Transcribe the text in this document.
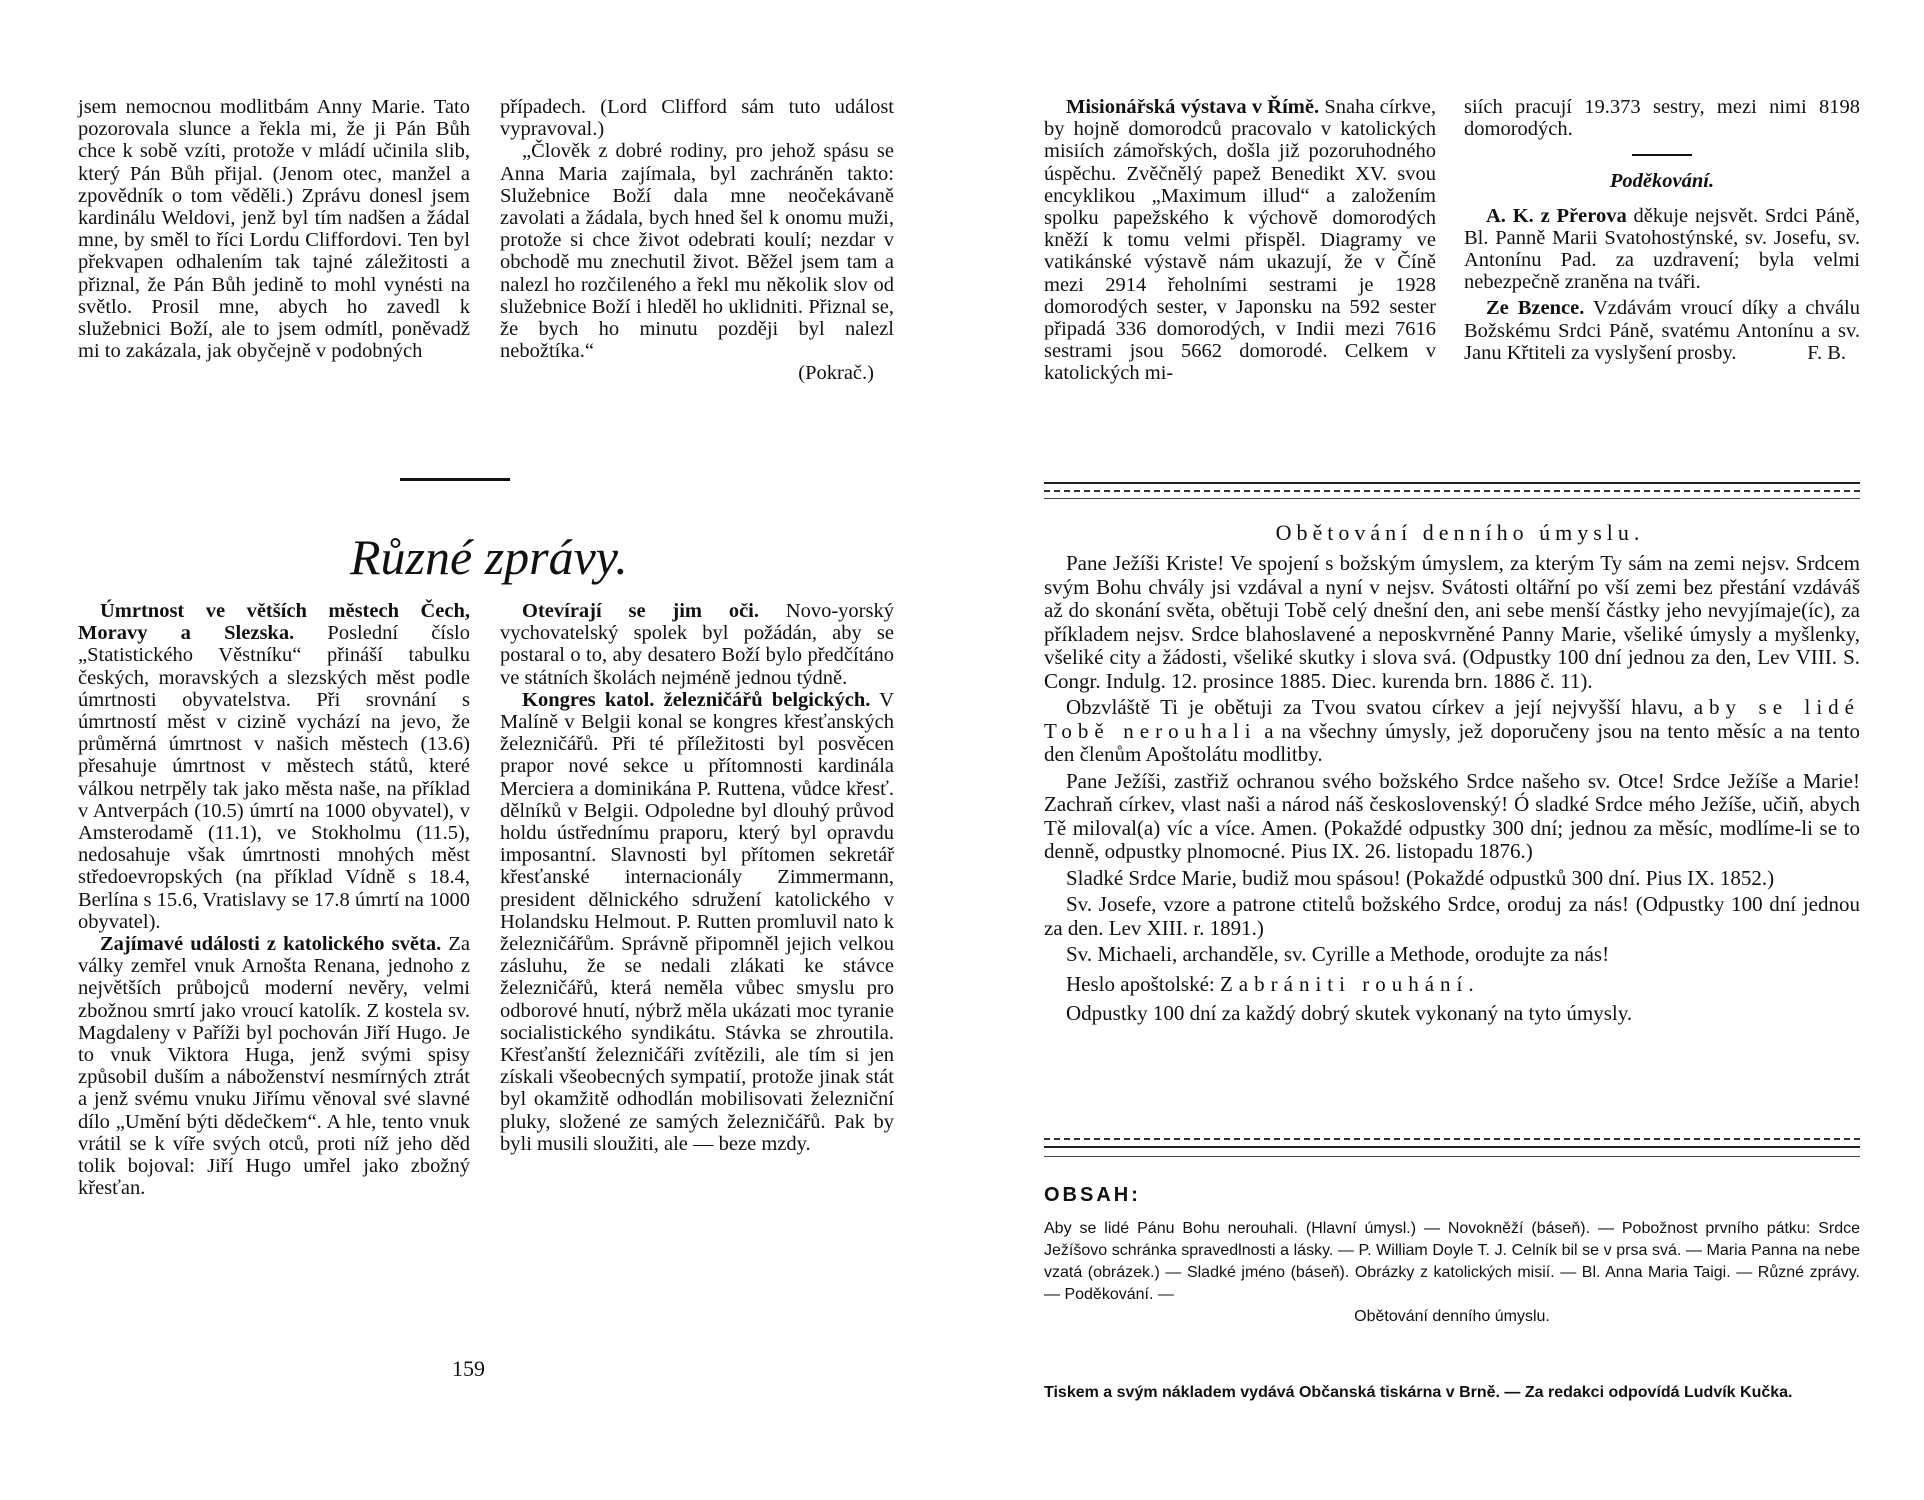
jsem nemocnou modlitbám Anny Marie. Tato pozorovala slunce a řekla mi, že ji Pán Bůh chce k sobě vzíti, protože v mládí učinila slib, který Pán Bůh přijal. (Jenom otec, manžel a zpovědník o tom věděli.) Zprávu donesl jsem kardinálu Weldovi, jenž byl tím nadšen a žádal mne, by směl to říci Lordu Cliffordovi. Ten byl překvapen odhalením tak tajné záležitosti a přiznal, že Pán Bůh jedině to mohl vynésti na světlo. Prosil mne, abych ho zavedl k služebnici Boží, ale to jsem odmítl, poněvadž mi to zakázala, jak obyčejně v podobných

případech. (Lord Clifford sám tuto událost vypravoval.)

„Člověk z dobré rodiny, pro jehož spásu se Anna Maria zajímala, byl zachráněn takto: Služebnice Boží dala mne neočekávaně zavolati a žádala, bych hned šel k onomu muži, protože si chce život odebrati koulí; nezdar v obchodě mu znechutil život. Běžel jsem tam a nalezl ho rozčileného a řekl mu několik slov od služebnice Boží i hleděl ho uklidniti. Přiznal se, že bych ho minutu později byl nalezl nebožtíka.“

(Pokrač.)

Různé zprávy.

Úmrtnost ve větších městech Čech, Moravy a Slezska. Poslední číslo „Statistického Věstníku“ přináší tabulku českých, moravských a slezských měst podle úmrtnosti obyvatelstva. Při srovnání s úmrtností měst v cizině vychází na jevo, že průměrná úmrtnost v našich městech (13.6) přesahuje úmrtnost v městech států, které válkou netrpěly tak jako města naše, na příklad v Antverpách (10.5) úmrtí na 1000 obyvatel), v Amsterodamě (11.1), ve Stokholmu (11.5), nedosahuje však úmrtnosti mnohých měst středoevropských (na příklad Vídně s 18.4, Berlína s 15.6, Vratislavy se 17.8 úmrtí na 1000 obyvatel).

Zajímavé události z katolického světa. Za války zemřel vnuk Arnošta Renana, jednoho z největších průbojců moderní nevěry, velmi zbožnou smrtí jako vroucí katolík. Z kostela sv. Magdaleny v Paříži byl pochován Jiří Hugo. Je to vnuk Viktora Huga, jenž svými spisy způsobil duším a náboženství nesmírných ztrát a jenž svému vnuku Jiřímu věnoval své slavné dílo „Umění býti dědečkem“. A hle, tento vnuk vrátil se k víře svých otců, proti níž jeho děd tolik bojoval: Jiří Hugo umřel jako zbožný křesťan.

Otevírají se jim oči. Novo-yorský vychovatelský spolek byl požádán, aby se postaral o to, aby desatero Boží bylo předčítáno ve státních školách nejméně jednou týdně.

Kongres katol. železničářů belgických. V Malíně v Belgii konal se kongres křesťanských železničářů. Při té příležitosti byl posvěcen prapor nové sekce u přítomnosti kardinála Merciera a dominikána P. Ruttena, vůdce křesť. dělníků v Belgii. Odpoledne byl dlouhý průvod holdu ústřednímu praporu, který byl opravdu imposantní. Slavnosti byl přítomen sekretář křesťanské internacionály Zimmermann, president dělnického sdružení katolického v Holandsku Helmout. P. Rutten promluvil nato k železničářům. Správně připomněl jejich velkou zásluhu, že se nedali zlákati ke stávce železničářů, která neměla vůbec smyslu pro odborové hnutí, nýbrž měla ukázati moc tyranie socialistického syndikátu. Stávka se zhroutila. Křesťanští železničáři zvítězili, ale tím si jen získali všeobecných sympatií, protože jinak stát byl okamžitě odhodlán mobilisovati železniční pluky, složené ze samých železničářů. Pak by byli musili sloužiti, ale — beze mzdy.

159

Misionářská výstava v Římě. Snaha církve, by hojně domorodců pracovalo v katolických misiích zámořských, došla již pozoruhodného úspěchu. Zvěčnělý papež Benedikt XV. svou encyklikou „Maximum illud“ a založením spolku papežského k výchově domorodých kněží k tomu velmi přispěl. Diagramy ve vatikánské výstavě nám ukazují, že v Číně mezi 2914 řeholními sestrami je 1928 domorodých sester, v Japonsku na 592 sester připadá 336 domorodých, v Indii mezi 7616 sestrami jsou 5662 domorodé. Celkem v katolických mi-

siích pracují 19.373 sestry, mezi nimi 8198 domorodých.

Poděkování.

A. K. z Přerova děkuje nejsvět. Srdci Páně, Bl. Panně Marii Svatohostýnské, sv. Josefu, sv. Antonínu Pad. za uzdravení; byla velmi nebezpečně zraněna na tváři.

Ze Bzence. Vzdávám vroucí díky a chválu Božskému Srdci Páně, svatému Antonínu a sv. Janu Křtiteli za vyslyšení prosby.	F. B.

Obětování denního úmyslu.

Pane Ježíši Kriste! Ve spojení s božským úmyslem, za kterým Ty sám na zemi nejsv. Srdcem svým Bohu chvály jsi vzdával a nyní v nejsv. Svátosti oltářní po vší zemi bez přestání vzdáváš až do skonání světa, obětuji Tobě celý dnešní den, ani sebe menší částky jeho nevyjímaje(íc), za příkladem nejsv. Srdce blahoslavené a neposkvrněné Panny Marie, všeliké úmysly a myšlenky, všeliké city a žádosti, všeliké skutky i slova svá. (Odpustky 100 dní jednou za den, Lev VIII. S. Congr. Indulg. 12. prosince 1885. Diec. kurenda brn. 1886 č. 11).

Obzvláště Ti je obětuji za Tvou svatou církev a její nejvyšší hlavu, aby se lidé Tobě nerouhali a na všechny úmysly, jež doporučeny jsou na tento měsíc a na tento den členům Apoštolátu modlitby.

Pane Ježíši, zastřiž ochranou svého božského Srdce našeho sv. Otce! Srdce Ježíše a Marie! Zachraň církev, vlast naši a národ náš československý! Ó sladké Srdce mého Ježíše, učiň, abych Tě miloval(a) víc a více. Amen. (Pokaždé odpustky 300 dní; jednou za měsíc, modlíme-li se to denně, odpustky plnomocné. Pius IX. 26. listopadu 1876.)

Sladké Srdce Marie, budiž mou spásou! (Pokaždé odpustků 300 dní. Pius IX. 1852.)

Sv. Josefe, vzore a patrone ctitelů božského Srdce, oroduj za nás! (Odpustky 100 dní jednou za den. Lev XIII. r. 1891.)

Sv. Michaeli, archanděle, sv. Cyrille a Methode, orodujte za nás!

Heslo apoštolské: Zabrániti rouhání.

Odpustky 100 dní za každý dobrý skutek vykonaný na tyto úmysly.

OBSAH:
Aby se lidé Pánu Bohu nerouhali. (Hlavní úmysl.) — Novokněží (báseň). — Pobožnost prvního pátku: Srdce Ježíšovo schránka spravedlnosti a lásky. — P. William Doyle T. J. Celník bil se v prsa svá. — Maria Panna na nebe vzatá (obrázek.) — Sladké jméno (báseň). Obrázky z katolických misií. — Bl. Anna Maria Taigi. — Různé zprávy. — Poděkování. —
Obětování denního úmyslu.
Tiskem a svým nákladem vydává Občanská tiskárna v Brně. — Za redakci odpovídá Ludvík Kučka.
